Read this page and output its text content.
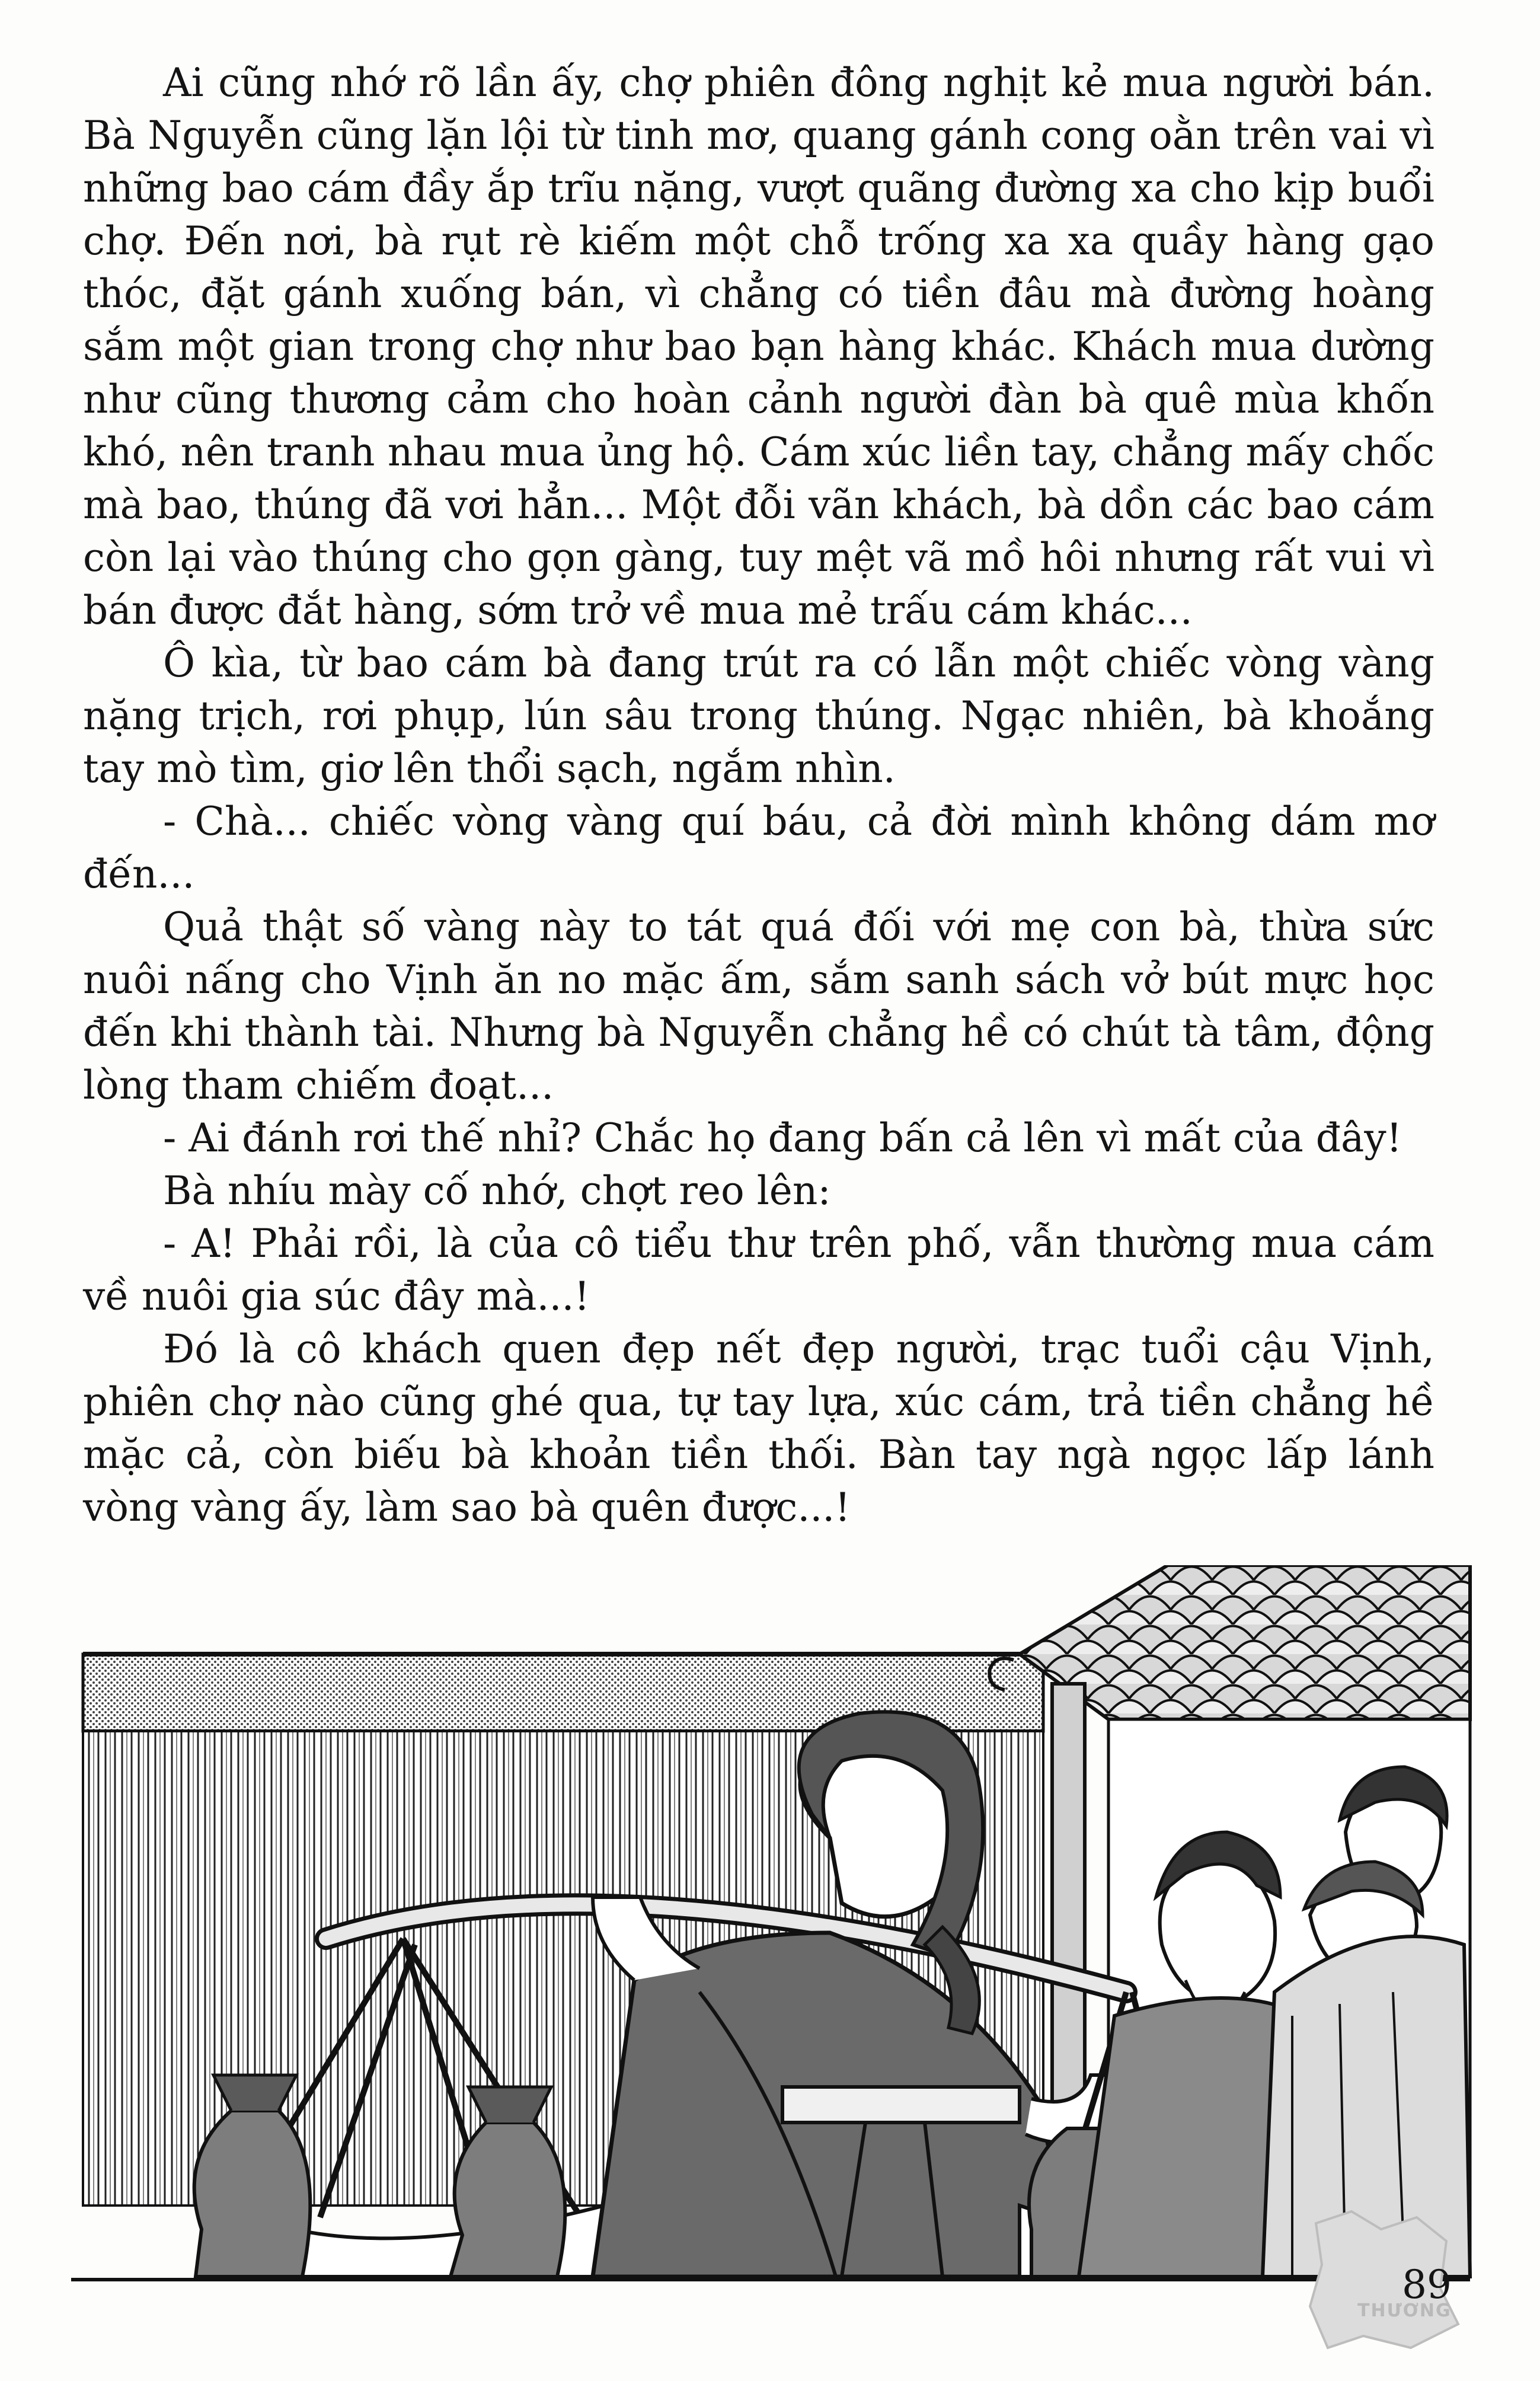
Ai cũng nhớ rõ lần ấy, chợ phiên đông nghịt kẻ mua người bán. Bà Nguyễn cũng lặn lội từ tinh mơ, quang gánh cong oằn trên vai vì những bao cám đầy ắp trĩu nặng, vượt quãng đường xa cho kịp buổi chợ. Đến nơi, bà rụt rè kiếm một chỗ trống xa xa quầy hàng gạo thóc, đặt gánh xuống bán, vì chẳng có tiền đâu mà đường hoàng sắm một gian trong chợ như bao bạn hàng khác. Khách mua dường như cũng thương cảm cho hoàn cảnh người đàn bà quê mùa khốn khó, nên tranh nhau mua ủng hộ. Cám xúc liền tay, chẳng mấy chốc mà bao, thúng đã vơi hẳn... Một đỗi vãn khách, bà dồn các bao cám còn lại vào thúng cho gọn gàng, tuy mệt vã mồ hôi nhưng rất vui vì bán được đắt hàng, sớm trở về mua mẻ trấu cám khác...

Ô kìa, từ bao cám bà đang trút ra có lẫn một chiếc vòng vàng nặng trịch, rơi phụp, lún sâu trong thúng. Ngạc nhiên, bà khoắng tay mò tìm, giơ lên thổi sạch, ngắm nhìn.

- Chà... chiếc vòng vàng quí báu, cả đời mình không dám mơ đến...

Quả thật số vàng này to tát quá đối với mẹ con bà, thừa sức nuôi nấng cho Vịnh ăn no mặc ấm, sắm sanh sách vở bút mực học đến khi thành tài. Nhưng bà Nguyễn chẳng hề có chút tà tâm, động lòng tham chiếm đoạt...

- Ai đánh rơi thế nhỉ? Chắc họ đang bấn cả lên vì mất của đây!

Bà nhíu mày cố nhớ, chợt reo lên:

- A! Phải rồi, là của cô tiểu thư trên phố, vẫn thường mua cám về nuôi gia súc đây mà...!

Đó là cô khách quen đẹp nết đẹp người, trạc tuổi cậu Vịnh, phiên chợ nào cũng ghé qua, tự tay lựa, xúc cám, trả tiền chẳng hề mặc cả, còn biếu bà khoản tiền thối. Bàn tay ngà ngọc lấp lánh vòng vàng ấy, làm sao bà quên được...!

THƯƠNG
89
